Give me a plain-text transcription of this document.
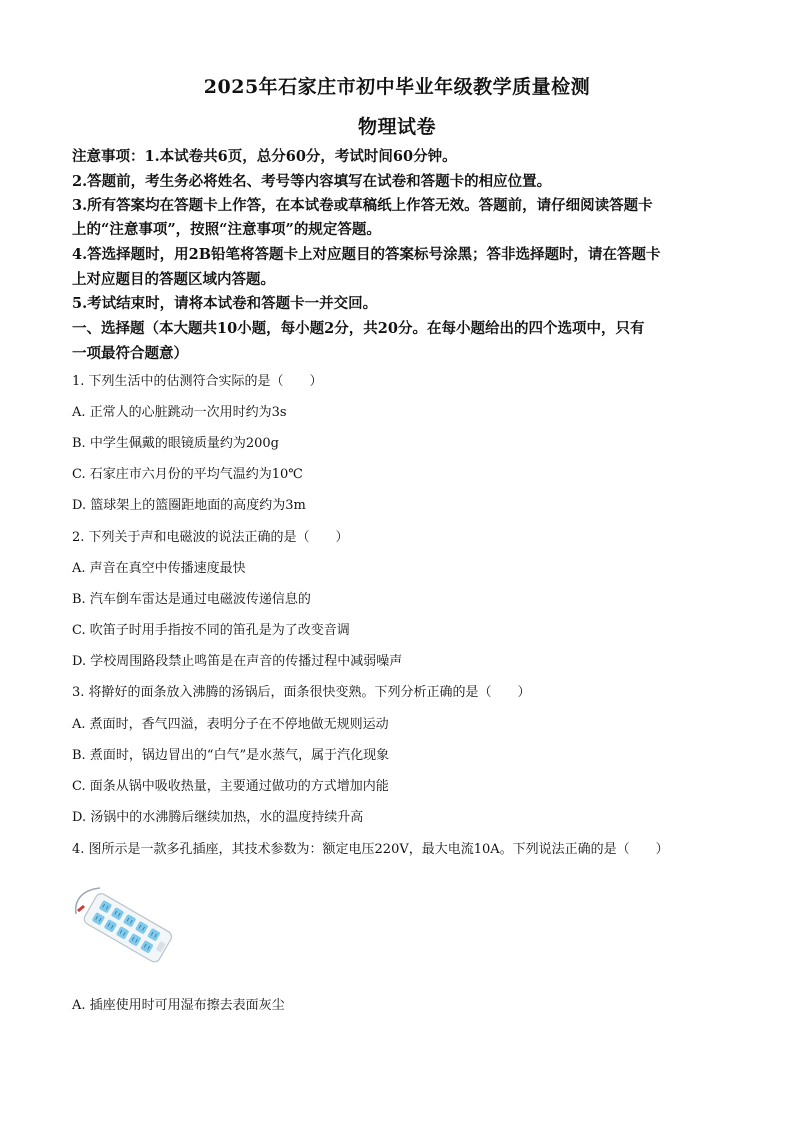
2025年石家庄市初中毕业年级教学质量检测
物理试卷
注意事项：1.本试卷共6页，总分60分，考试时间60分钟。
2.答题前，考生务必将姓名、考号等内容填写在试卷和答题卡的相应位置。
3.所有答案均在答题卡上作答，在本试卷或草稿纸上作答无效。答题前，请仔细阅读答题卡
上的“注意事项”，按照“注意事项”的规定答题。
4.答选择题时，用2B铅笔将答题卡上对应题目的答案标号涂黑；答非选择题时，请在答题卡
上对应题目的答题区域内答题。
5.考试结束时，请将本试卷和答题卡一并交回。
一、选择题（本大题共10小题，每小题2分，共20分。在每小题给出的四个选项中，只有
一项最符合题意）
1. 下列生活中的估测符合实际的是（　　）
A. 正常人的心脏跳动一次用时约为3s
B. 中学生佩戴的眼镜质量约为200g
C. 石家庄市六月份的平均气温约为10℃
D. 篮球架上的篮圈距地面的高度约为3m
2. 下列关于声和电磁波的说法正确的是（　　）
A. 声音在真空中传播速度最快
B. 汽车倒车雷达是通过电磁波传递信息的
C. 吹笛子时用手指按不同的笛孔是为了改变音调
D. 学校周围路段禁止鸣笛是在声音的传播过程中减弱噪声
3. 将擀好的面条放入沸腾的汤锅后，面条很快变熟。下列分析正确的是（　　）
A. 煮面时，香气四溢，表明分子在不停地做无规则运动
B. 煮面时，锅边冒出的“白气”是水蒸气，属于汽化现象
C. 面条从锅中吸收热量，主要通过做功的方式增加内能
D. 汤锅中的水沸腾后继续加热，水的温度持续升高
4. 图所示是一款多孔插座，其技术参数为：额定电压220V，最大电流10A。下列说法正确的是（　　）
A. 插座使用时可用湿布擦去表面灰尘
